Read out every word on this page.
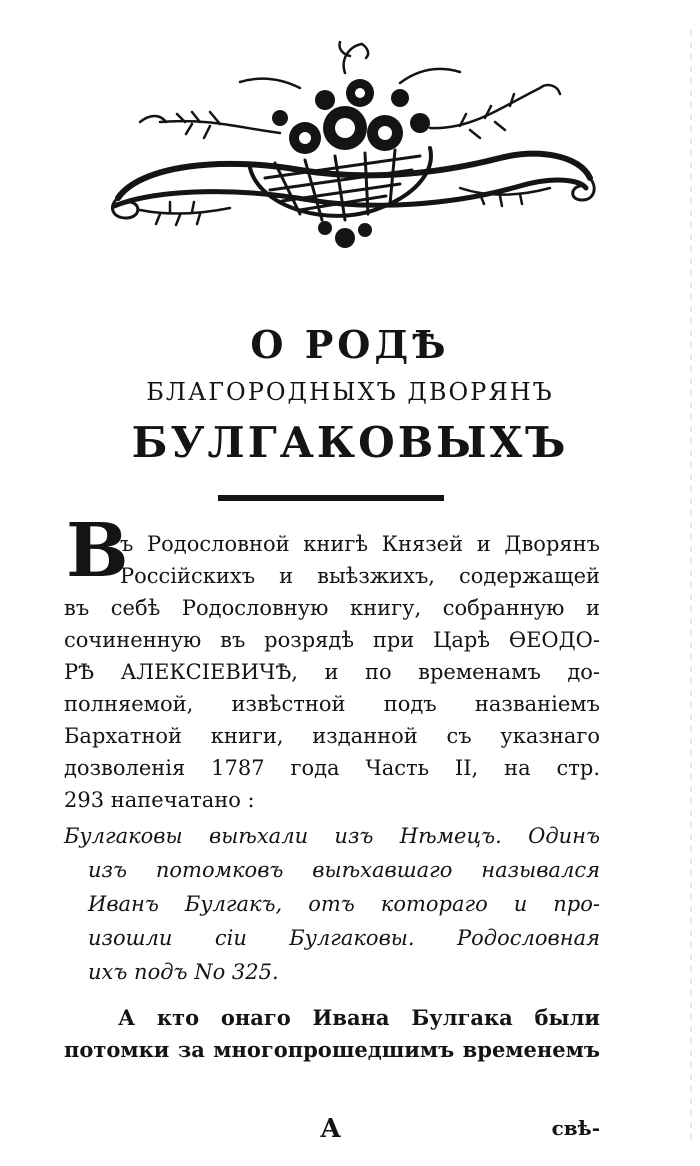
О РОДѢ
БЛАГОРОДНЫХЪ ДВОРЯНЪ
БУЛГАКОВЫХЪ
В
ъ Родословной книгѣ Князей и Дворянъ
Россiйскихъ и выѣзжихъ, содержащей
въ себѣ Родословную книгу, собранную и
сочиненную въ розрядѣ при Царѣ ѲЕОДО-
РѢ АЛЕКСIЕВИЧѢ, и по временамъ до-
полняемой, извѣстной подъ названiемъ
Бархатной книги, изданной съ указнаго
дозволенiя 1787 года Часть II, на стр.
293 напечатано :
Булгаковы выѣхали изъ Нѣмецъ. Одинъ
изъ потомковъ выѣхавшаго назывался
Иванъ Булгакъ, отъ котораго и про-
изошли сiи Булгаковы. Родословная
ихъ подъ No 325.
А кто онаго Ивана Булгака были
потомки за многопрошедшимъ временемъ
А	свѣ-
